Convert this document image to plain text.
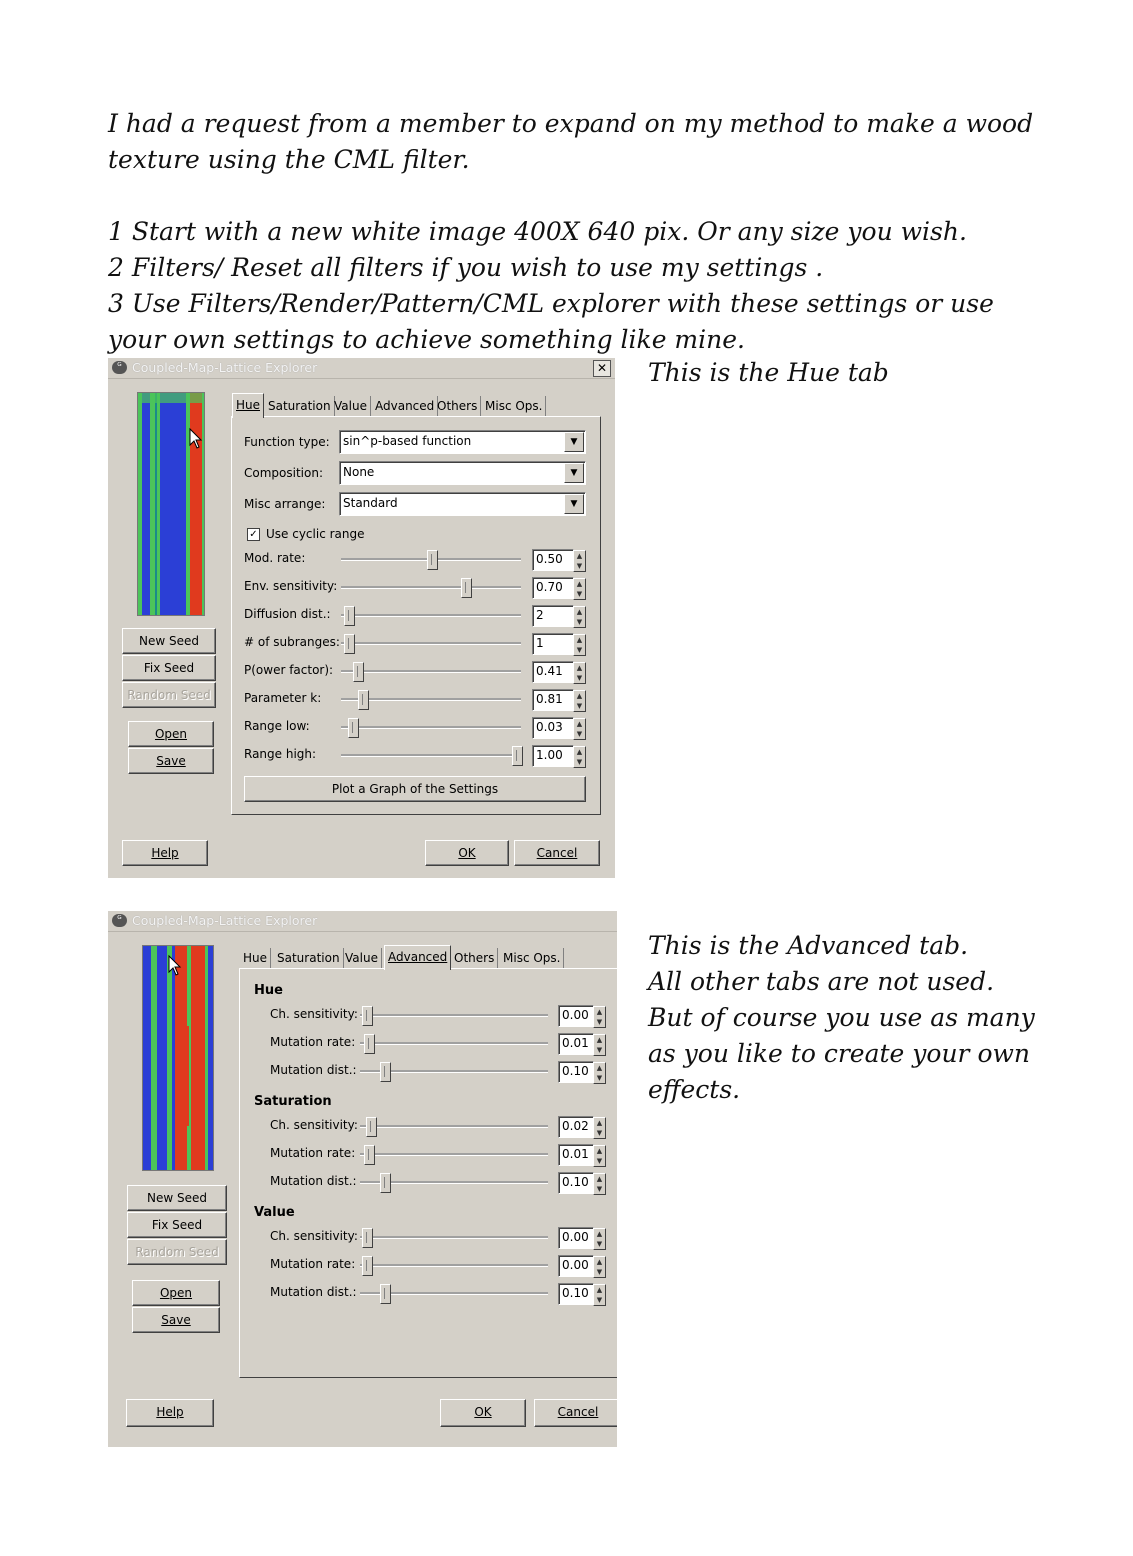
I had a request from a member to expand on my method to make a wood

texture using the CML filter.

1 Start with a new white image 400X 640 pix. Or any size you wish.

2 Filters/ Reset all filters if you wish to use my settings .

3 Use Filters/Render/Pattern/CML explorer with these settings or use

your own settings to achieve something like mine.

This is the Hue tab
This is the Advanced tab.
All other tabs are not used.
But of course you use as many
as you like to create your own
effects.
ᴳ Coupled-Map-Lattice Explorer	✕
New Seed
Fix Seed
Random Seed
Open
Save
Hue Saturation Value Advanced Others Misc Ops.
Function type: sin^p-based function	▼
Composition: None	▼
Misc arrange: Standard	▼
✓ Use cyclic range
Plot a Graph of the Settings
Help	OK	Cancel
Mod. rate:	0.50	▲
▼
Env. sensitivity:	0.70	▲
▼
Diffusion dist.:	2	▲
▼
# of subranges:	1	▲
▼
P(ower factor):	0.41	▲
▼
Parameter k:	0.81	▲
▼
Range low:	0.03	▲
▼
Range high:	1.00	▲
▼
ᴳ Coupled-Map-Lattice Explorer
New Seed
Fix Seed
Random Seed
Open
Save
Hue Saturation Value Advanced Others Misc Ops.
Help	OK	Cancel
Hue
Ch. sensitivity:	0.00	▲
▼
Mutation rate:	0.01	▲
▼
Mutation dist.:	0.10	▲
▼
Saturation
Ch. sensitivity:	0.02	▲
▼
Mutation rate:	0.01	▲
▼
Mutation dist.:	0.10	▲
▼
Value
Ch. sensitivity:	0.00	▲
▼
Mutation rate:	0.00	▲
▼
Mutation dist.:	0.10	▲
▼
